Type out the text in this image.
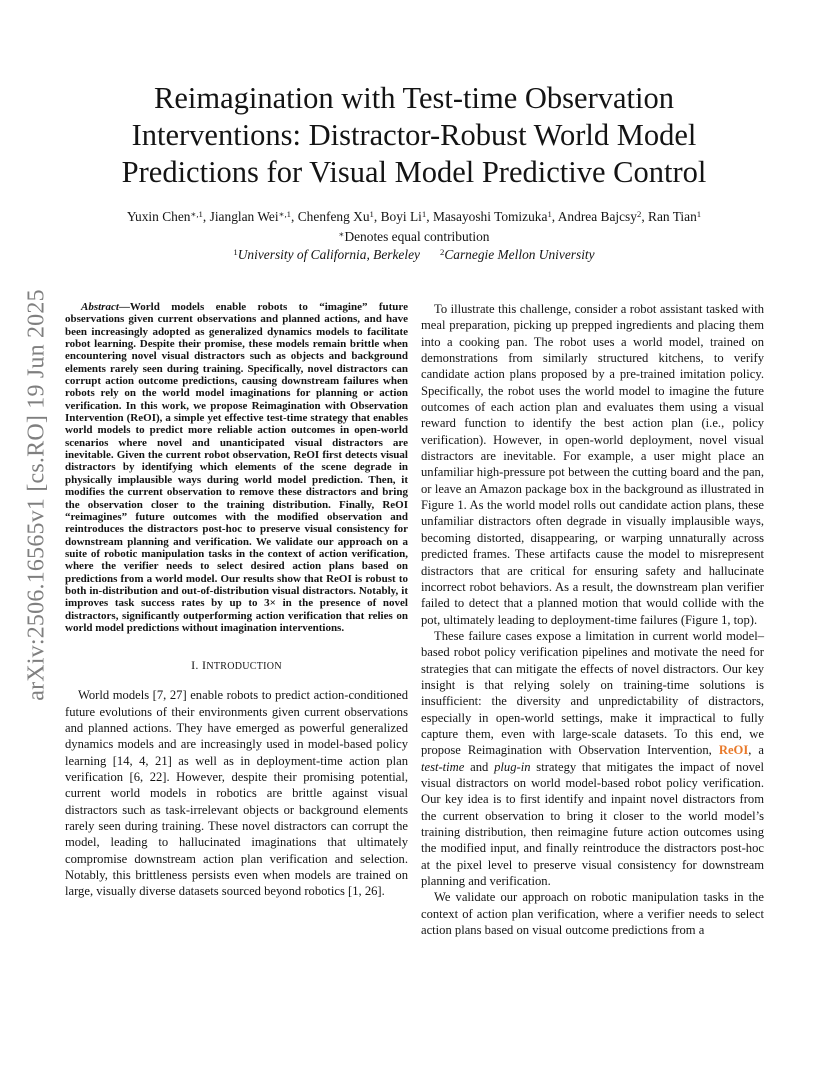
arXiv:2506.16565v1 [cs.RO] 19 Jun 2025
Reimagination with Test-time Observation
Interventions: Distractor-Robust World Model
Predictions for Visual Model Predictive Control
Yuxin Chen$^{∗,1}$, Jianglan Wei$^{∗,1}$, Chenfeng Xu$^1$, Boyi Li$^1$, Masayoshi Tomizuka$^1$, Andrea Bajcsy$^2$, Ran Tian$^1$
∗Denotes equal contribution
$^1$University of California, Berkeley $^2$Carnegie Mellon University

Abstract—World models enable robots to “imagine” future observations given current observations and planned actions, and have been increasingly adopted as generalized dynamics models to facilitate robot learning. Despite their promise, these models remain brittle when encountering novel visual distractors such as objects and background elements rarely seen during training. Specifically, novel distractors can corrupt action outcome predictions, causing downstream failures when robots rely on the world model imaginations for planning or action verification. In this work, we propose Reimagination with Observation Intervention (ReOI), a simple yet effective test-time strategy that enables world models to predict more reliable action outcomes in open-world scenarios where novel and unanticipated visual distractors are inevitable. Given the current robot observation, ReOI first detects visual distractors by identifying which elements of the scene degrade in physically implausible ways during world model prediction. Then, it modifies the current observation to remove these distractors and bring the observation closer to the training distribution. Finally, ReOI “reimagines” future outcomes with the modified observation and reintroduces the distractors post-hoc to preserve visual consistency for downstream planning and verification. We validate our approach on a suite of robotic manipulation tasks in the context of action verification, where the verifier needs to select desired action plans based on predictions from a world model. Our results show that ReOI is robust to both in-distribution and out-of-distribution visual distractors. Notably, it improves task success rates by up to 3× in the presence of novel distractors, significantly outperforming action verification that relies on world model predictions without imagination interventions.

I. INTRODUCTION

World models [7, 27] enable robots to predict action-conditioned future evolutions of their environments given current observations and planned actions. They have emerged as powerful generalized dynamics models and are increasingly used in model-based policy learning [14, 4, 21] as well as in deployment-time action plan verification [6, 22]. However, despite their promising potential, current world models in robotics are brittle against visual distractors such as task-irrelevant objects or background elements rarely seen during training. These novel distractors can corrupt the model, leading to hallucinated imaginations that ultimately compromise downstream action plan verification and selection. Notably, this brittleness persists even when models are trained on large, visually diverse datasets sourced beyond robotics [1, 26].

To illustrate this challenge, consider a robot assistant tasked with meal preparation, picking up prepped ingredients and placing them into a cooking pan. The robot uses a world model, trained on demonstrations from similarly structured kitchens, to verify candidate action plans proposed by a pre-trained imitation policy. Specifically, the robot uses the world model to imagine the future outcomes of each action plan and evaluates them using a visual reward function to identify the best action plan (i.e., policy verification). However, in open-world deployment, novel visual distractors are inevitable. For example, a user might place an unfamiliar high-pressure pot between the cutting board and the pan, or leave an Amazon package box in the background as illustrated in Figure 1. As the world model rolls out candidate action plans, these unfamiliar distractors often degrade in visually implausible ways, becoming distorted, disappearing, or warping unnaturally across predicted frames. These artifacts cause the model to misrepresent distractors that are critical for ensuring safety and hallucinate incorrect robot behaviors. As a result, the downstream plan verifier failed to detect that a planned motion that would collide with the pot, ultimately leading to deployment-time failures (Figure 1, top).

These failure cases expose a limitation in current world model–based robot policy verification pipelines and motivate the need for strategies that can mitigate the effects of novel distractors. Our key insight is that relying solely on training-time solutions is insufficient: the diversity and unpredictability of distractors, especially in open-world settings, make it impractical to fully capture them, even with large-scale datasets. To this end, we propose Reimagination with Observation Intervention, ReOI, a test-time and plug-in strategy that mitigates the impact of novel visual distractors on world model-based robot policy verification. Our key idea is to first identify and inpaint novel distractors from the current observation to bring it closer to the world model’s training distribution, then reimagine future action outcomes using the modified input, and finally reintroduce the distractors post-hoc at the pixel level to preserve visual consistency for downstream planning and verification.

We validate our approach on robotic manipulation tasks in the context of action plan verification, where a verifier needs to select action plans based on visual outcome predictions from a
